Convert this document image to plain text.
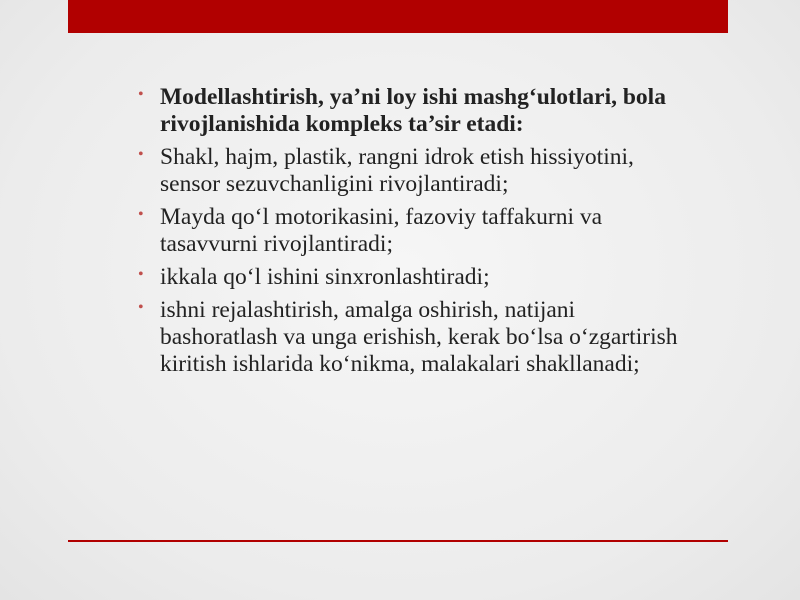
• Modellashtirish, ya’ni loy ishi mashg‘ulotlari, bola rivojlanishida kompleks ta’sir etadi:
• Shakl, hajm, plastik, rangni idrok etish hissiyotini, sensor sezuvchanligini rivojlantiradi;
• Mayda qo‘l motorikasini, fazoviy taffakurni va tasavvurni rivojlantiradi;
• ikkala qo‘l ishini sinxronlashtiradi;
• ishni rejalashtirish, amalga oshirish, natijani bashoratlash va unga erishish, kerak bo‘lsa o‘zgartirish kiritish ishlarida ko‘nikma, malakalari shakllanadi;
